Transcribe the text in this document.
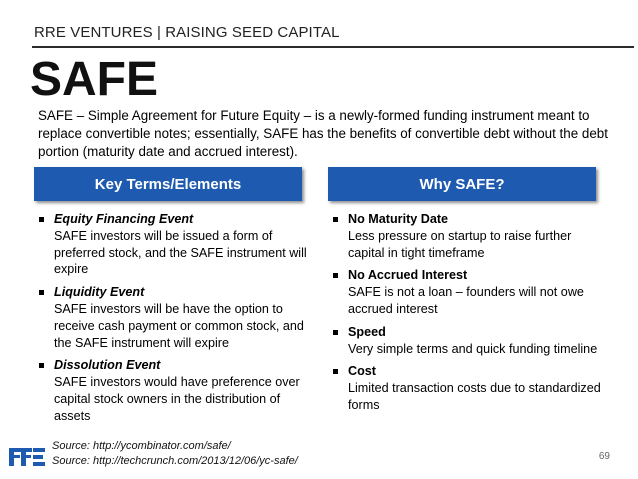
RRE VENTURES | RAISING SEED CAPITAL
SAFE
SAFE – Simple Agreement for Future Equity – is a newly-formed funding instrument meant to replace convertible notes; essentially, SAFE has the benefits of convertible debt without the debt portion (maturity date and accrued interest).
Key Terms/Elements	Why SAFE?
Equity Financing Event
SAFE investors will be issued a form of preferred stock, and the SAFE instrument will expire
Liquidity Event
SAFE investors will be have the option to receive cash payment or common stock, and the SAFE instrument will expire
Dissolution Event
SAFE investors would have preference over capital stock owners in the distribution of assets
No Maturity Date
Less pressure on startup to raise further capital in tight timeframe
No Accrued Interest
SAFE is not a loan – founders will not owe accrued interest
Speed
Very simple terms and quick funding timeline
Cost
Limited transaction costs due to standardized forms
Source: http://ycombinator.com/safe/
Source: http://techcrunch.com/2013/12/06/yc-safe/	69
